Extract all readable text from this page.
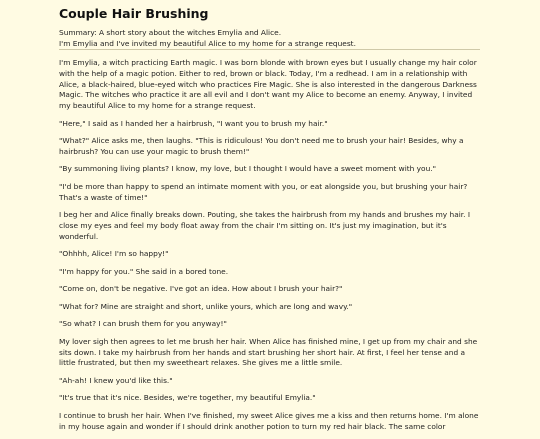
Couple Hair Brushing
Summary: A short story about the witches Emylia and Alice.
I'm Emylia and I've invited my beautiful Alice to my home for a strange request.

I'm Emylia, a witch practicing Earth magic. I was born blonde with brown eyes but I usually change my hair color with the help of a magic potion. Either to red, brown or black. Today, I'm a redhead. I am in a relationship with Alice, a black-haired, blue-eyed witch who practices Fire Magic. She is also interested in the dangerous Darkness Magic. The witches who practice it are all evil and I don't want my Alice to become an enemy. Anyway, I invited my beautiful Alice to my home for a strange request.

"Here," I said as I handed her a hairbrush, "I want you to brush my hair."

"What?" Alice asks me, then laughs. "This is ridiculous! You don't need me to brush your hair! Besides, why a hairbrush? You can use your magic to brush them!"

"By summoning living plants? I know, my love, but I thought I would have a sweet moment with you."

"I'd be more than happy to spend an intimate moment with you, or eat alongside you, but brushing your hair? That's a waste of time!"

I beg her and Alice finally breaks down. Pouting, she takes the hairbrush from my hands and brushes my hair. I close my eyes and feel my body float away from the chair I'm sitting on. It's just my imagination, but it's wonderful.

"Ohhhh, Alice! I'm so happy!"

"I'm happy for you." She said in a bored tone.

"Come on, don't be negative. I've got an idea. How about I brush your hair?"

"What for? Mine are straight and short, unlike yours, which are long and wavy."

"So what? I can brush them for you anyway!"

My lover sigh then agrees to let me brush her hair. When Alice has finished mine, I get up from my chair and she sits down. I take my hairbrush from her hands and start brushing her short hair. At first, I feel her tense and a little frustrated, but then my sweetheart relaxes. She gives me a little smile.

"Ah-ah! I knew you'd like this."

"It's true that it's nice. Besides, we're together, my beautiful Emylia."

I continue to brush her hair. When I've finished, my sweet Alice gives me a kiss and then returns home. I'm alone in my house again and wonder if I should drink another potion to turn my red hair black. The same color
